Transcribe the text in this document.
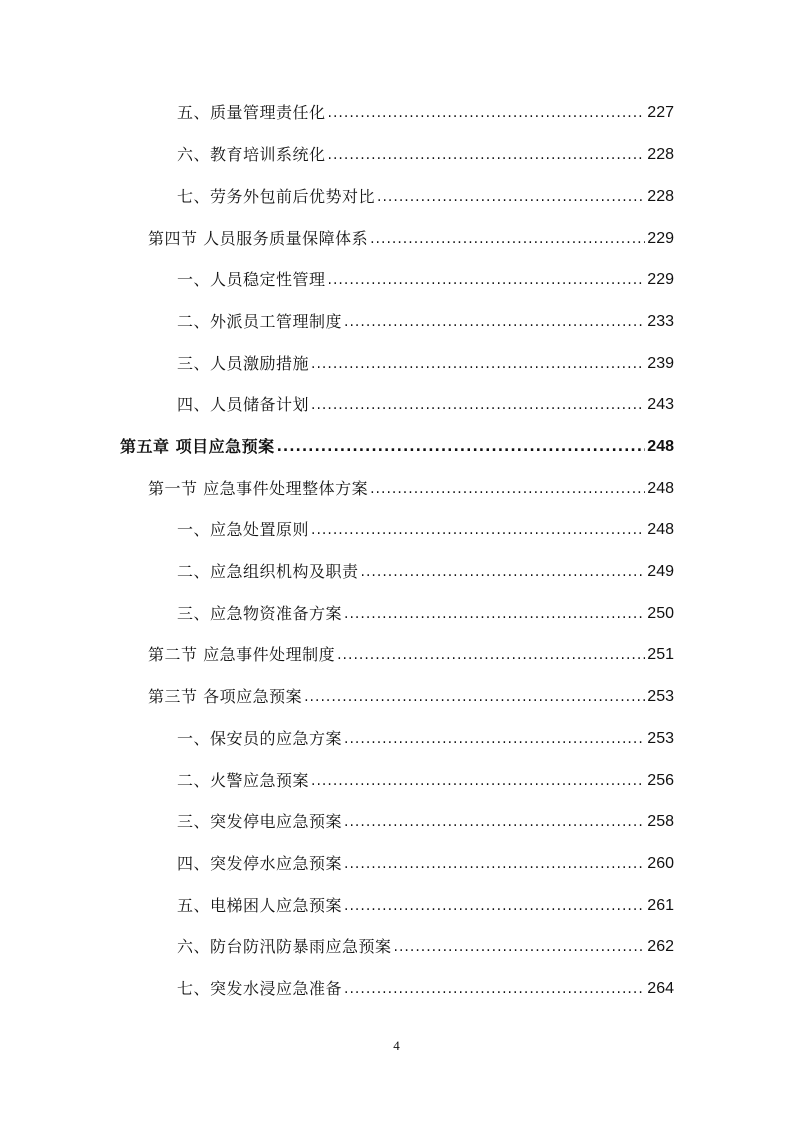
五、质量管理责任化 .....	227
六、教育培训系统化 .....	228
七、劳务外包前后优势对比 .....	228
第四节 人员服务质量保障体系 .....	229
一、人员稳定性管理 .....	229
二、外派员工管理制度 .....	233
三、人员激励措施 .....	239
四、人员储备计划 .....	243
第五章 项目应急预案 .....	248
第一节 应急事件处理整体方案 .....	248
一、应急处置原则 .....	248
二、应急组织机构及职责 .....	249
三、应急物资准备方案 .....	250
第二节 应急事件处理制度 .....	251
第三节 各项应急预案 .....	253
一、保安员的应急方案 .....	253
二、火警应急预案 .....	256
三、突发停电应急预案 .....	258
四、突发停水应急预案 .....	260
五、电梯困人应急预案 .....	261
六、防台防汛防暴雨应急预案 .....	262
七、突发水浸应急准备 .....	264
4
